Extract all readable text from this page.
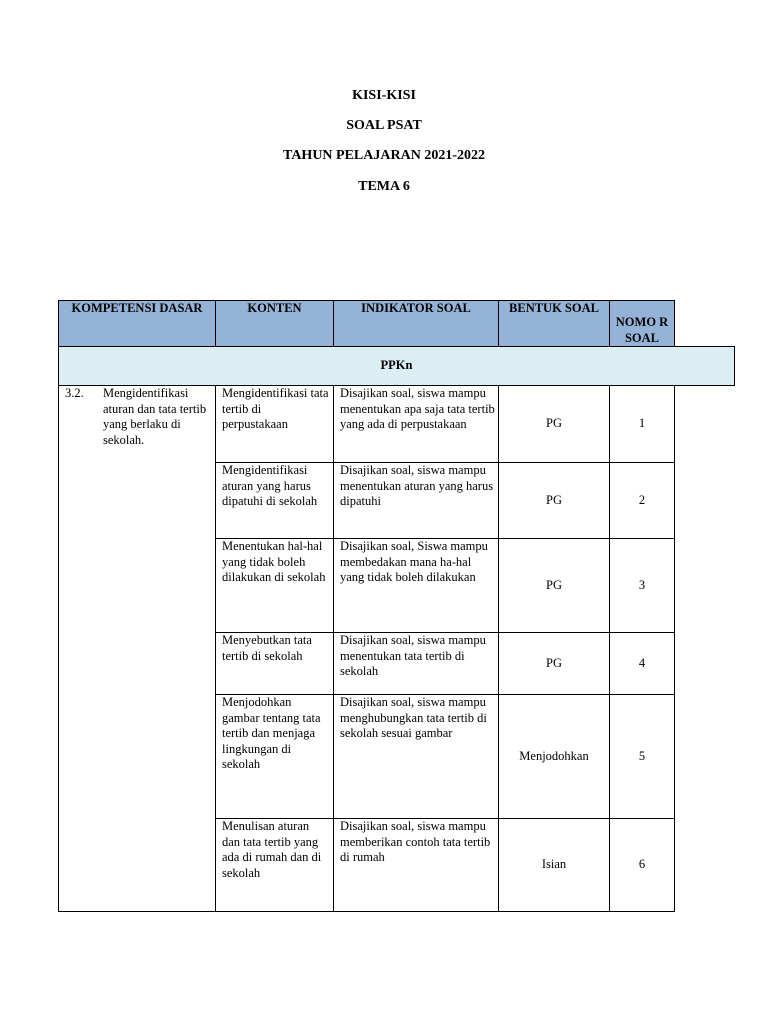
KISI-KISI
SOAL PSAT
TAHUN PELAJARAN 2021-2022
TEMA 6
KOMPETENSI DASAR	KONTEN	INDIKATOR SOAL	BENTUK SOAL	NOMO R SOAL	
PPKn					

3.2. Mengidentifikasi aturan dan tata tertib yang berlaku di sekolah.	Mengidentifikasi tata tertib di perpustakaan	Disajikan soal, siswa mampu menentukan apa saja tata tertib yang ada di perpustakaan	PG	1	
	Mengidentifikasi aturan yang harus dipatuhi di sekolah	Disajikan soal, siswa mampu menentukan aturan yang harus dipatuhi	PG	2	
	Menentukan hal-hal yang tidak boleh dilakukan di sekolah	Disajikan soal, Siswa mampu membedakan mana ha-hal yang tidak boleh dilakukan	PG	3	
	Menyebutkan tata tertib di sekolah	Disajikan soal, siswa mampu menentukan tata tertib di sekolah	PG	4	
	Menjodohkan gambar tentang tata tertib dan menjaga lingkungan di sekolah	Disajikan soal, siswa mampu menghubungkan tata tertib di sekolah sesuai gambar	Menjodohkan	5	
	Menulisan aturan dan tata tertib yang ada di rumah dan di sekolah	Disajikan soal, siswa mampu memberikan contoh tata tertib di rumah	Isian	6	
